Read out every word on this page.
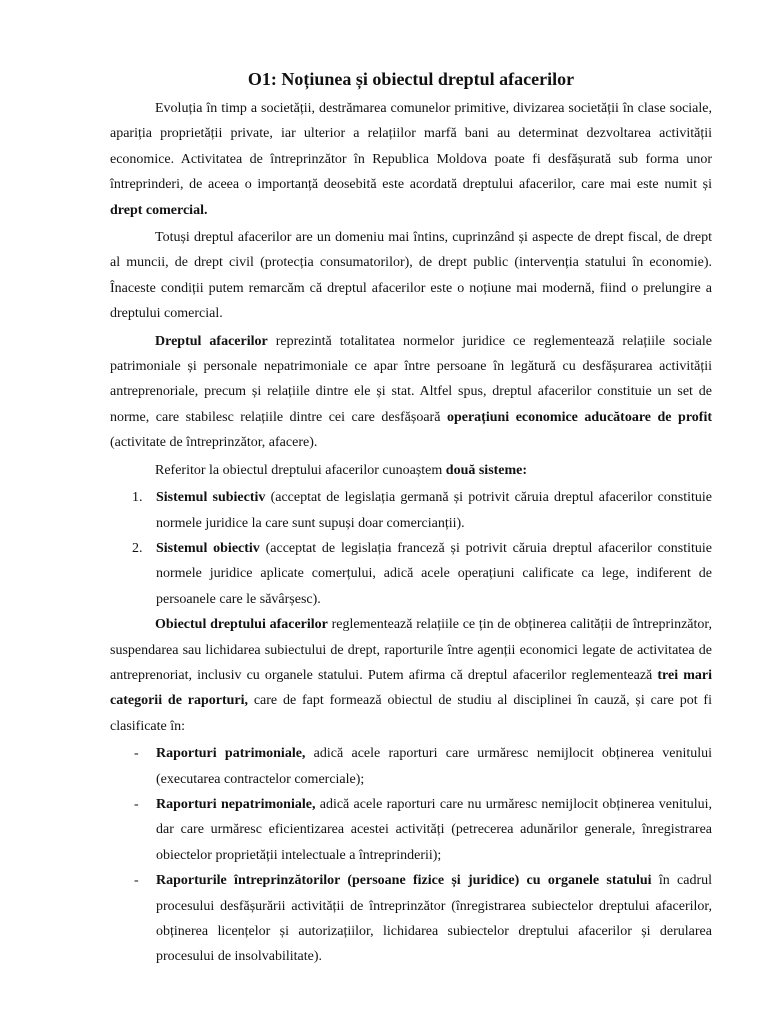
O1: Noțiunea și obiectul dreptul afacerilor

Evoluția în timp a societății, destrămarea comunelor primitive, divizarea societății în clase sociale, apariția proprietății private, iar ulterior a relațiilor marfă bani au determinat dezvoltarea activității economice. Activitatea de întreprinzător în Republica Moldova poate fi desfășurată sub forma unor întreprinderi, de aceea o importanță deosebită este acordată dreptului afacerilor, care mai este numit și drept comercial.

Totuși dreptul afacerilor are un domeniu mai întins, cuprinzând și aspecte de drept fiscal, de drept al muncii, de drept civil (protecția consumatorilor), de drept public (intervenția statului în economie). Înaceste condiții putem remarcăm că dreptul afacerilor este o noțiune mai modernă, fiind o prelungire a dreptului comercial.

Dreptul afacerilor reprezintă totalitatea normelor juridice ce reglementează relațiile sociale patrimoniale și personale nepatrimoniale ce apar între persoane în legătură cu desfășurarea activității antreprenoriale, precum și relațiile dintre ele și stat. Altfel spus, dreptul afacerilor constituie un set de norme, care stabilesc relațiile dintre cei care desfășoară operațiuni economice aducătoare de profit (activitate de întreprinzător, afacere).

Referitor la obiectul dreptului afacerilor cunoaștem două sisteme:

1. Sistemul subiectiv (acceptat de legislația germană și potrivit căruia dreptul afacerilor constituie normele juridice la care sunt supuși doar comercianții).
2. Sistemul obiectiv (acceptat de legislația franceză și potrivit căruia dreptul afacerilor constituie normele juridice aplicate comerțului, adică acele operațiuni calificate ca lege, indiferent de persoanele care le săvârșesc).

Obiectul dreptului afacerilor reglementează relațiile ce țin de obținerea calității de întreprinzător, suspendarea sau lichidarea subiectului de drept, raporturile între agenții economici legate de activitatea de antreprenoriat, inclusiv cu organele statului. Putem afirma că dreptul afacerilor reglementează trei mari categorii de raporturi, care de fapt formează obiectul de studiu al disciplinei în cauză, și care pot fi clasificate în:

- Raporturi patrimoniale, adică acele raporturi care urmăresc nemijlocit obținerea venitului (executarea contractelor comerciale);
- Raporturi nepatrimoniale, adică acele raporturi care nu urmăresc nemijlocit obținerea venitului, dar care urmăresc eficientizarea acestei activități (petrecerea adunărilor generale, înregistrarea obiectelor proprietății intelectuale a întreprinderii);
- Raporturile întreprinzătorilor (persoane fizice și juridice) cu organele statului în cadrul procesului desfășurării activității de întreprinzător (înregistrarea subiectelor dreptului afacerilor, obținerea licențelor și autorizațiilor, lichidarea subiectelor dreptului afacerilor și derularea procesului de insolvabilitate).
